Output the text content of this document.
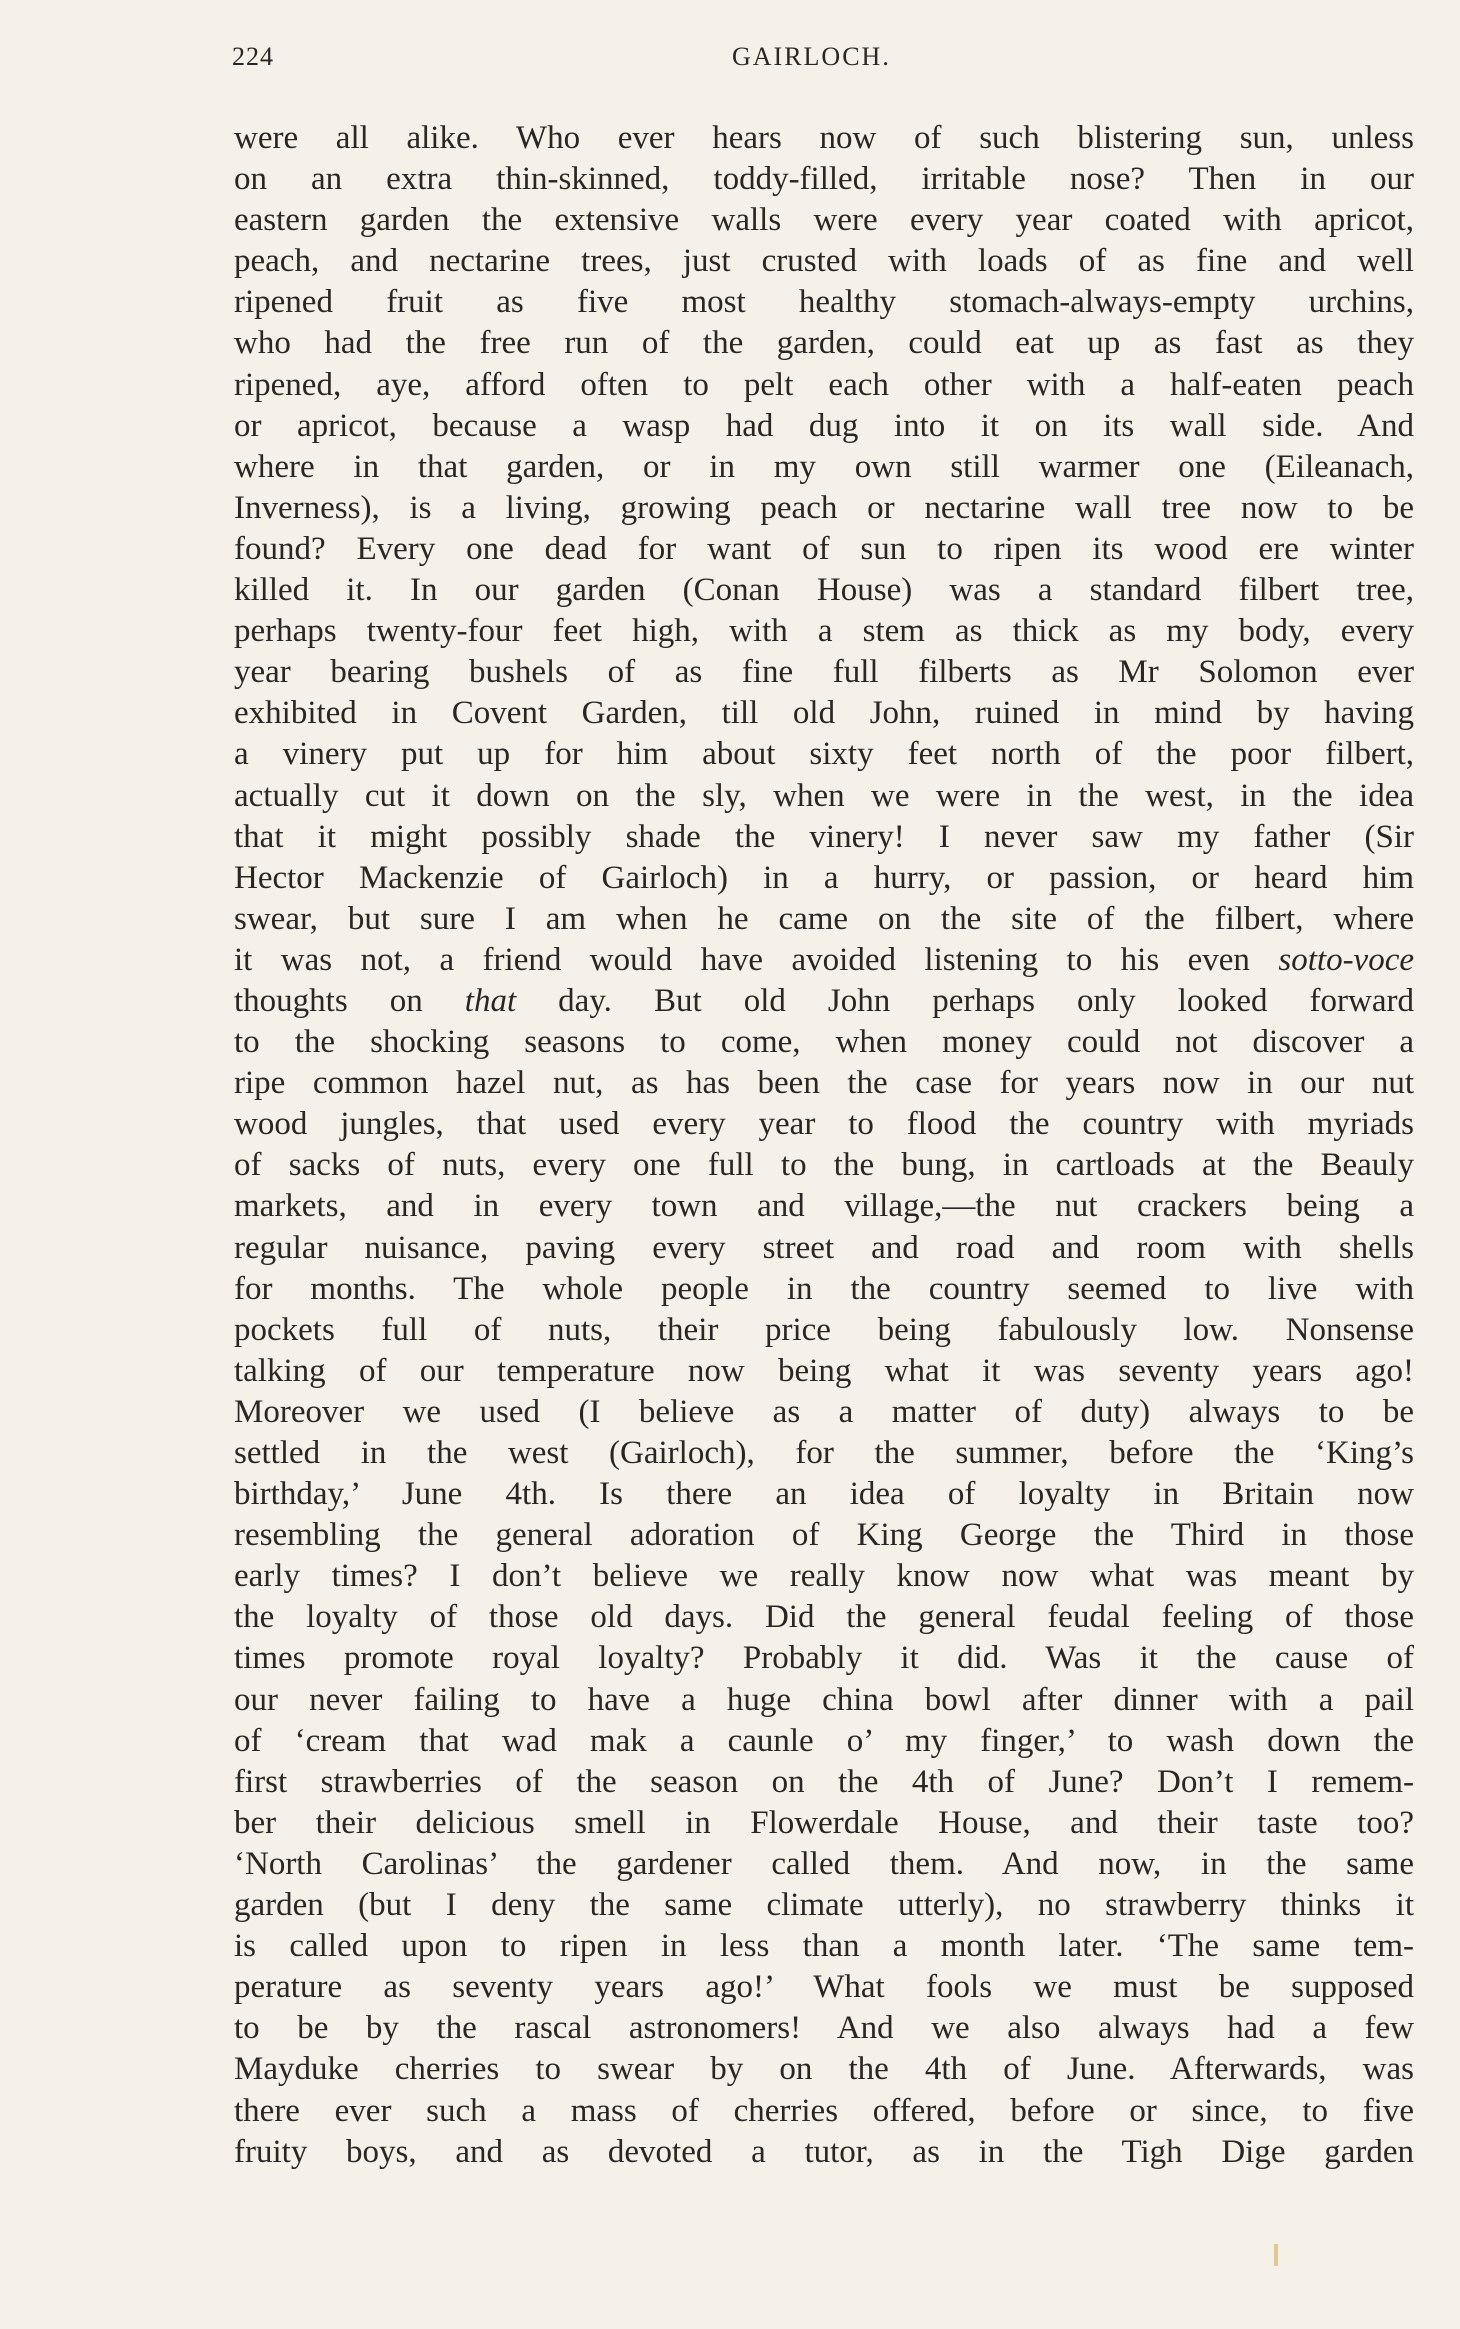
224	GAIRLOCH.
were all alike. Who ever hears now of such blistering sun, unless
on an extra thin-skinned, toddy-filled, irritable nose? Then in our
eastern garden the extensive walls were every year coated with apricot,
peach, and nectarine trees, just crusted with loads of as fine and well
ripened fruit as five most healthy stomach-always-empty urchins,
who had the free run of the garden, could eat up as fast as they
ripened, aye, afford often to pelt each other with a half-eaten peach
or apricot, because a wasp had dug into it on its wall side. And
where in that garden, or in my own still warmer one (Eileanach,
Inverness), is a living, growing peach or nectarine wall tree now to be
found? Every one dead for want of sun to ripen its wood ere winter
killed it. In our garden (Conan House) was a standard filbert tree,
perhaps twenty-four feet high, with a stem as thick as my body, every
year bearing bushels of as fine full filberts as Mr Solomon ever
exhibited in Covent Garden, till old John, ruined in mind by having
a vinery put up for him about sixty feet north of the poor filbert,
actually cut it down on the sly, when we were in the west, in the idea
that it might possibly shade the vinery! I never saw my father (Sir
Hector Mackenzie of Gairloch) in a hurry, or passion, or heard him
swear, but sure I am when he came on the site of the filbert, where
it was not, a friend would have avoided listening to his even sotto-voce
thoughts on that day. But old John perhaps only looked forward
to the shocking seasons to come, when money could not discover a
ripe common hazel nut, as has been the case for years now in our nut
wood jungles, that used every year to flood the country with myriads
of sacks of nuts, every one full to the bung, in cartloads at the Beauly
markets, and in every town and village,—the nut crackers being a
regular nuisance, paving every street and road and room with shells
for months. The whole people in the country seemed to live with
pockets full of nuts, their price being fabulously low. Nonsense
talking of our temperature now being what it was seventy years ago!
Moreover we used (I believe as a matter of duty) always to be
settled in the west (Gairloch), for the summer, before the ‘King’s
birthday,’ June 4th. Is there an idea of loyalty in Britain now
resembling the general adoration of King George the Third in those
early times? I don’t believe we really know now what was meant by
the loyalty of those old days. Did the general feudal feeling of those
times promote royal loyalty? Probably it did. Was it the cause of
our never failing to have a huge china bowl after dinner with a pail
of ‘cream that wad mak a caunle o’ my finger,’ to wash down the
first strawberries of the season on the 4th of June? Don’t I remem-
ber their delicious smell in Flowerdale House, and their taste too?
‘North Carolinas’ the gardener called them. And now, in the same
garden (but I deny the same climate utterly), no strawberry thinks it
is called upon to ripen in less than a month later. ‘The same tem-
perature as seventy years ago!’ What fools we must be supposed
to be by the rascal astronomers! And we also always had a few
Mayduke cherries to swear by on the 4th of June. Afterwards, was
there ever such a mass of cherries offered, before or since, to five
fruity boys, and as devoted a tutor, as in the Tigh Dige garden
